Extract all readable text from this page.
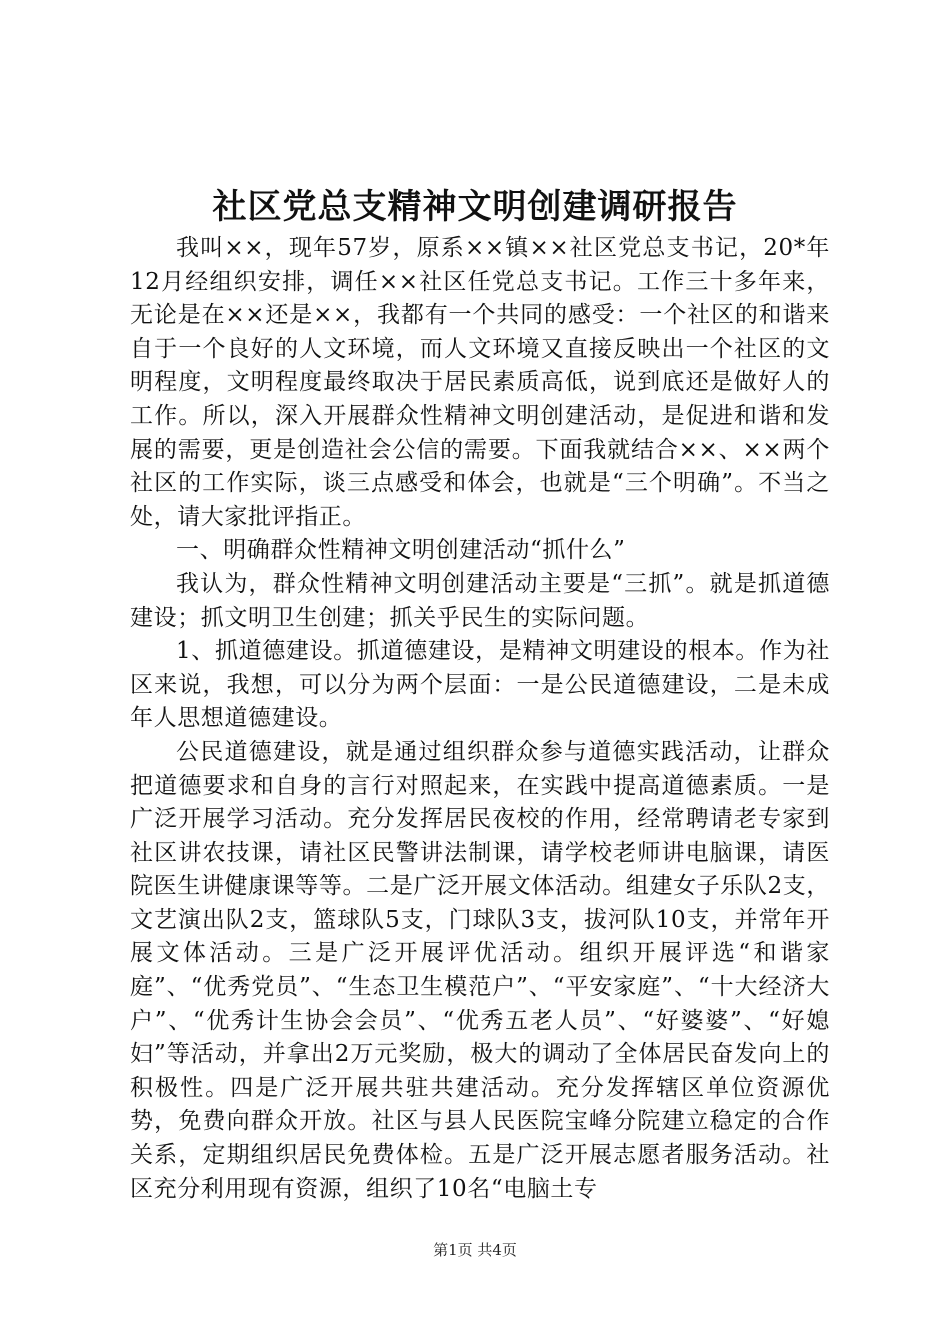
社区党总支精神文明创建调研报告

我叫××，现年57岁，原系××镇××社区党总支书记，20*年12月经组织安排，调任××社区任党总支书记。工作三十多年来，无论是在××还是××，我都有一个共同的感受：一个社区的和谐来自于一个良好的人文环境，而人文环境又直接反映出一个社区的文明程度，文明程度最终取决于居民素质高低，说到底还是做好人的工作。所以，深入开展群众性精神文明创建活动，是促进和谐和发展的需要，更是创造社会公信的需要。下面我就结合××、××两个社区的工作实际，谈三点感受和体会，也就是“三个明确”。不当之处，请大家批评指正。

一、明确群众性精神文明创建活动“抓什么”

我认为，群众性精神文明创建活动主要是“三抓”。就是抓道德建设；抓文明卫生创建；抓关乎民生的实际问题。

1、抓道德建设。抓道德建设，是精神文明建设的根本。作为社区来说，我想，可以分为两个层面：一是公民道德建设，二是未成年人思想道德建设。

公民道德建设，就是通过组织群众参与道德实践活动，让群众把道德要求和自身的言行对照起来，在实践中提高道德素质。一是广泛开展学习活动。充分发挥居民夜校的作用，经常聘请老专家到社区讲农技课，请社区民警讲法制课，请学校老师讲电脑课，请医院医生讲健康课等等。二是广泛开展文体活动。组建女子乐队2支，文艺演出队2支，篮球队5支，门球队3支，拔河队10支，并常年开展文体活动。三是广泛开展评优活动。组织开展评选“和谐家庭”、“优秀党员”、“生态卫生模范户”、“平安家庭”、“十大经济大户”、“优秀计生协会会员”、“优秀五老人员”、“好婆婆”、“好媳妇”等活动，并拿出2万元奖励，极大的调动了全体居民奋发向上的积极性。四是广泛开展共驻共建活动。充分发挥辖区单位资源优势，免费向群众开放。社区与县人民医院宝峰分院建立稳定的合作关系，定期组织居民免费体检。五是广泛开展志愿者服务活动。社区充分利用现有资源，组织了10名“电脑土专

第1页 共4页
